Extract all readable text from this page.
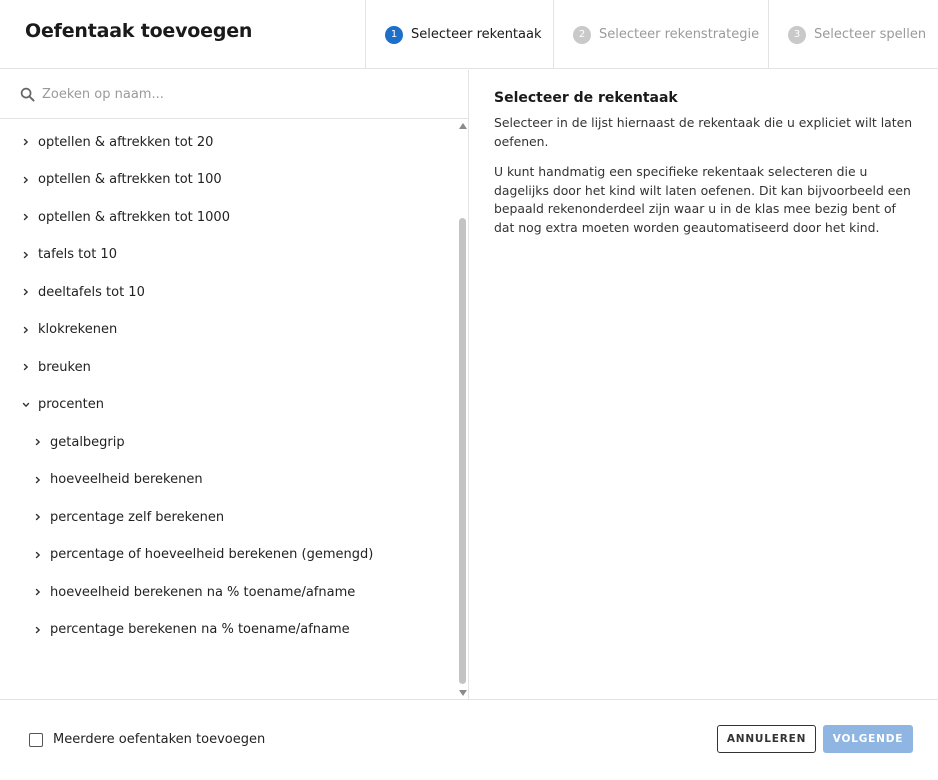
Oefentaak toevoegen	1	Selecteer rekentaak	2	Selecteer rekenstrategie	3	Selecteer spellen
Zoeken op naam...
optellen & aftrekken tot 20
optellen & aftrekken tot 100
optellen & aftrekken tot 1000
tafels tot 10
deeltafels tot 10
klokrekenen
breuken
procenten
getalbegrip
hoeveelheid berekenen
percentage zelf berekenen
percentage of hoeveelheid berekenen (gemengd)
hoeveelheid berekenen na % toename/afname
percentage berekenen na % toename/afname
Selecteer de rekentaak

Selecteer in de lijst hiernaast de rekentaak die u expliciet wilt laten oefenen.

U kunt handmatig een specifieke rekentaak selecteren die u dagelijks door het kind wilt laten oefenen. Dit kan bijvoorbeeld een bepaald rekenonderdeel zijn waar u in de klas mee bezig bent of dat nog extra moeten worden geautomatiseerd door het kind.

Meerdere oefentaken toevoegen	ANNULEREN	VOLGENDE
